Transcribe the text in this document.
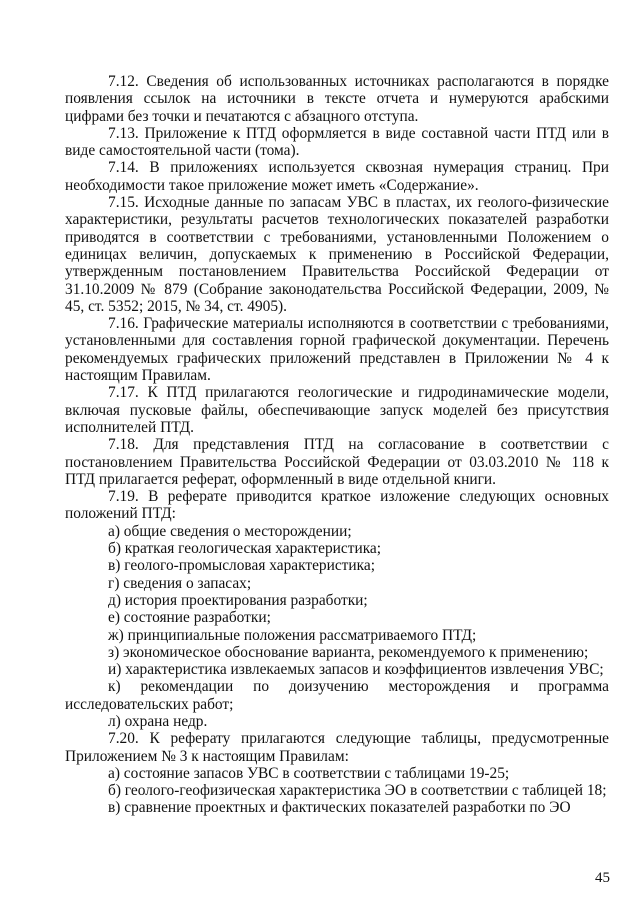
7.12. Сведения об использованных источниках располагаются в порядке появления ссылок на источники в тексте отчета и нумеруются арабскими цифрами без точки и печатаются с абзацного отступа.

7.13. Приложение к ПТД оформляется в виде составной части ПТД или в виде самостоятельной части (тома).

7.14. В приложениях используется сквозная нумерация страниц. При необходимости такое приложение может иметь «Содержание».

7.15. Исходные данные по запасам УВС в пластах, их геолого-физические характеристики, результаты расчетов технологических показателей разработки приводятся в соответствии с требованиями, установленными Положением о единицах величин, допускаемых к применению в Российской Федерации, утвержденным постановлением Правительства Российской Федерации от 31.10.2009 № 879 (Собрание законодательства Российской Федерации, 2009, № 45, ст. 5352; 2015, № 34, ст. 4905).

7.16. Графические материалы исполняются в соответствии с требованиями, установленными для составления горной графической документации. Перечень рекомендуемых графических приложений представлен в Приложении № 4 к настоящим Правилам.

7.17. К ПТД прилагаются геологические и гидродинамические модели, включая пусковые файлы, обеспечивающие запуск моделей без присутствия исполнителей ПТД.

7.18. Для представления ПТД на согласование в соответствии с постановлением Правительства Российской Федерации от 03.03.2010 № 118 к ПТД прилагается реферат, оформленный в виде отдельной книги.

7.19. В реферате приводится краткое изложение следующих основных положений ПТД:

а) общие сведения о месторождении;

б) краткая геологическая характеристика;

в) геолого-промысловая характеристика;

г) сведения о запасах;

д) история проектирования разработки;

е) состояние разработки;

ж) принципиальные положения рассматриваемого ПТД;

з) экономическое обоснование варианта, рекомендуемого к применению;

и) характеристика извлекаемых запасов и коэффициентов извлечения УВС;

к) рекомендации по доизучению месторождения и программа исследовательских работ;

л) охрана недр.

7.20. К реферату прилагаются следующие таблицы, предусмотренные Приложением № 3 к настоящим Правилам:

а) состояние запасов УВС в соответствии с таблицами 19-25;

б) геолого-геофизическая характеристика ЭО в соответствии с таблицей 18;

в) сравнение проектных и фактических показателей разработки по ЭО

45
